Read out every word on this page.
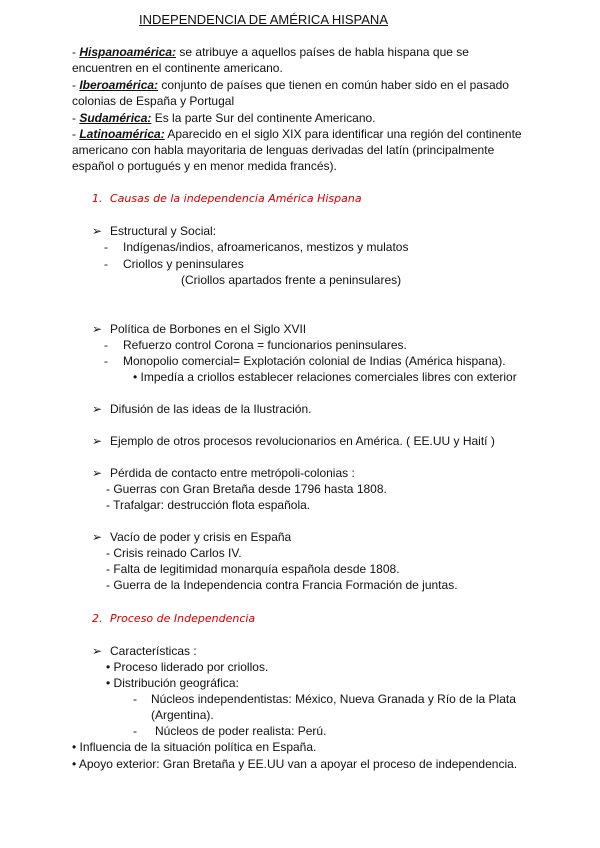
INDEPENDENCIA DE AMÉRICA HISPANA
- Hispanoamérica: se atribuye a aquellos países de habla hispana que se
encuentren en el continente americano.
- Iberoamérica: conjunto de países que tienen en común haber sido en el pasado
colonias de España y Portugal
- Sudamérica: Es la parte Sur del continente Americano.
- Latinoamérica: Aparecido en el siglo XIX para identificar una región del continente
americano con habla mayoritaria de lenguas derivadas del latín (principalmente
español o portugués y en menor medida francés).
1. Causas de la independencia América Hispana
➢ Estructural y Social:
- Indígenas/indios, afroamericanos, mestizos y mulatos
- Criollos y peninsulares
(Criollos apartados frente a peninsulares)
➢ Política de Borbones en el Siglo XVII
- Refuerzo control Corona = funcionarios peninsulares.
- Monopolio comercial= Explotación colonial de Indias (América hispana).
• Impedía a criollos establecer relaciones comerciales libres con exterior
➢ Difusión de las ideas de la Ilustración.
➢ Ejemplo de otros procesos revolucionarios en América. ( EE.UU y Haití )
➢ Pérdida de contacto entre metrópoli-colonias :
- Guerras con Gran Bretaña desde 1796 hasta 1808.
- Trafalgar: destrucción flota española.
➢ Vacío de poder y crisis en España
- Crisis reinado Carlos IV.
- Falta de legitimidad monarquía española desde 1808.
- Guerra de la Independencia contra Francia Formación de juntas.
2. Proceso de Independencia
➢ Características :
• Proceso liderado por criollos.
• Distribución geográfica:
- Núcleos independentistas: México, Nueva Granada y Río de la Plata
(Argentina).
- Núcleos de poder realista: Perú.
• Influencia de la situación política en España.
• Apoyo exterior: Gran Bretaña y EE.UU van a apoyar el proceso de independencia.
